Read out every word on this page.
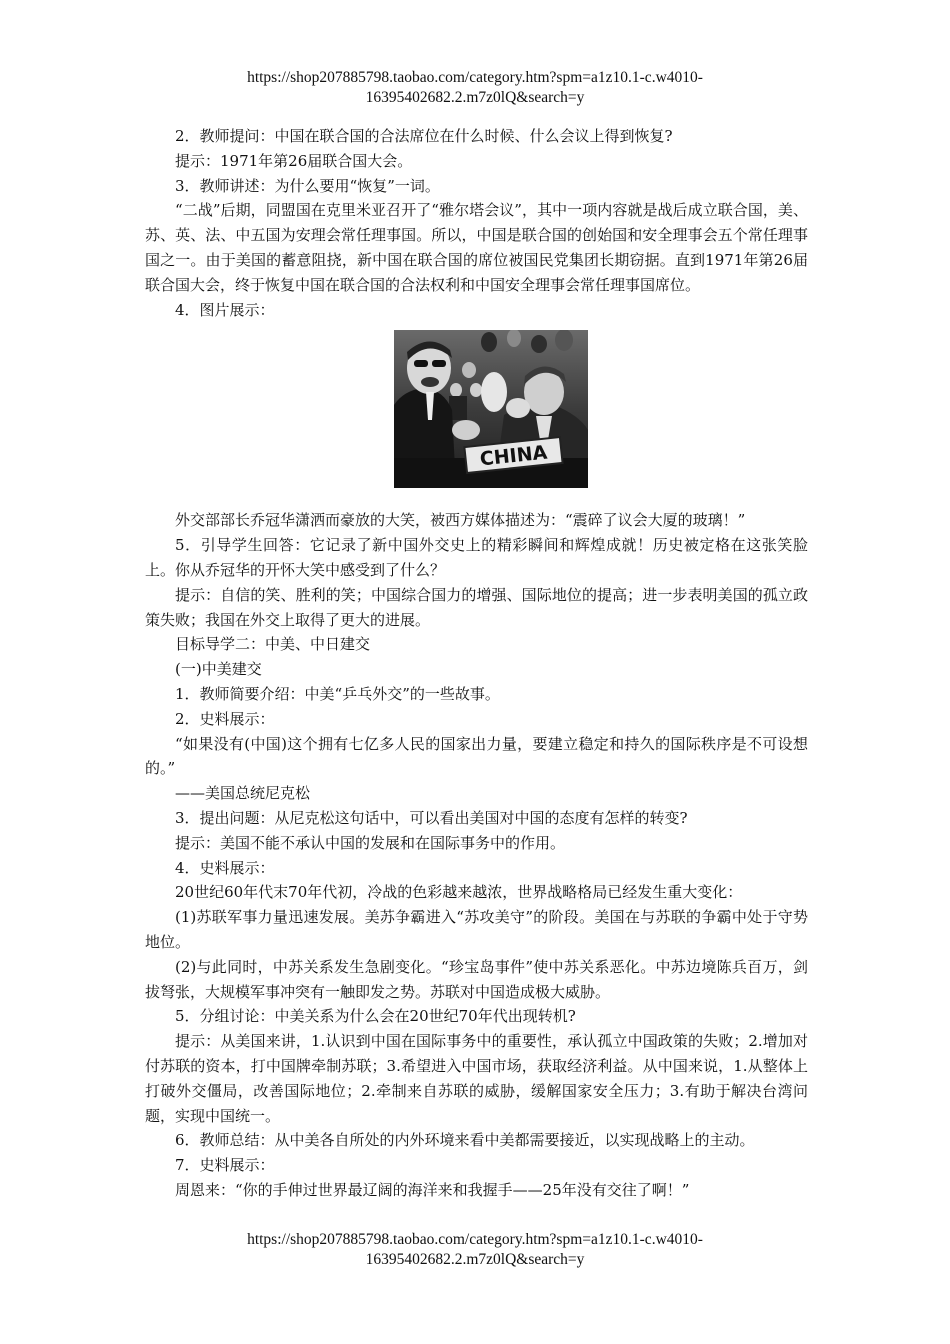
https://shop207885798.taobao.com/category.htm?spm=a1z10.1-c.w4010-
16395402682.2.m7z0lQ&search=y

2．教师提问：中国在联合国的合法席位在什么时候、什么会议上得到恢复?

提示：1971年第26届联合国大会。

3．教师讲述：为什么要用“恢复”一词。

“二战”后期，同盟国在克里米亚召开了“雅尔塔会议”，其中一项内容就是战后成立联合国，美、苏、英、法、中五国为安理会常任理事国。所以，中国是联合国的创始国和安全理事会五个常任理事国之一。由于美国的蓄意阻挠，新中国在联合国的席位被国民党集团长期窃据。直到1971年第26届联合国大会，终于恢复中国在联合国的合法权利和中国安全理事会常任理事国席位。

4．图片展示：

CHINA

外交部部长乔冠华潇洒而豪放的大笑，被西方媒体描述为：“震碎了议会大厦的玻璃！”

5．引导学生回答：它记录了新中国外交史上的精彩瞬间和辉煌成就！历史被定格在这张笑脸上。你从乔冠华的开怀大笑中感受到了什么？

提示：自信的笑、胜利的笑；中国综合国力的增强、国际地位的提高；进一步表明美国的孤立政策失败；我国在外交上取得了更大的进展。

目标导学二：中美、中日建交

(一)中美建交

1．教师简要介绍：中美“乒乓外交”的一些故事。

2．史料展示：

“如果没有(中国)这个拥有七亿多人民的国家出力量，要建立稳定和持久的国际秩序是不可设想的。”

——美国总统尼克松

3．提出问题：从尼克松这句话中，可以看出美国对中国的态度有怎样的转变?

提示：美国不能不承认中国的发展和在国际事务中的作用。

4．史料展示：

20世纪60年代末70年代初，冷战的色彩越来越浓，世界战略格局已经发生重大变化：

(1)苏联军事力量迅速发展。美苏争霸进入“苏攻美守”的阶段。美国在与苏联的争霸中处于守势地位。

(2)与此同时，中苏关系发生急剧变化。“珍宝岛事件”使中苏关系恶化。中苏边境陈兵百万，剑拔弩张，大规模军事冲突有一触即发之势。苏联对中国造成极大威胁。

5．分组讨论：中美关系为什么会在20世纪70年代出现转机?

提示：从美国来讲，1.认识到中国在国际事务中的重要性，承认孤立中国政策的失败；2.增加对付苏联的资本，打中国牌牵制苏联；3.希望进入中国市场，获取经济利益。从中国来说，1.从整体上打破外交僵局，改善国际地位；2.牵制来自苏联的威胁，缓解国家安全压力；3.有助于解决台湾问题，实现中国统一。

6．教师总结：从中美各自所处的内外环境来看中美都需要接近，以实现战略上的主动。

7．史料展示：

周恩来：“你的手伸过世界最辽阔的海洋来和我握手——25年没有交往了啊！”

https://shop207885798.taobao.com/category.htm?spm=a1z10.1-c.w4010-
16395402682.2.m7z0lQ&search=y
